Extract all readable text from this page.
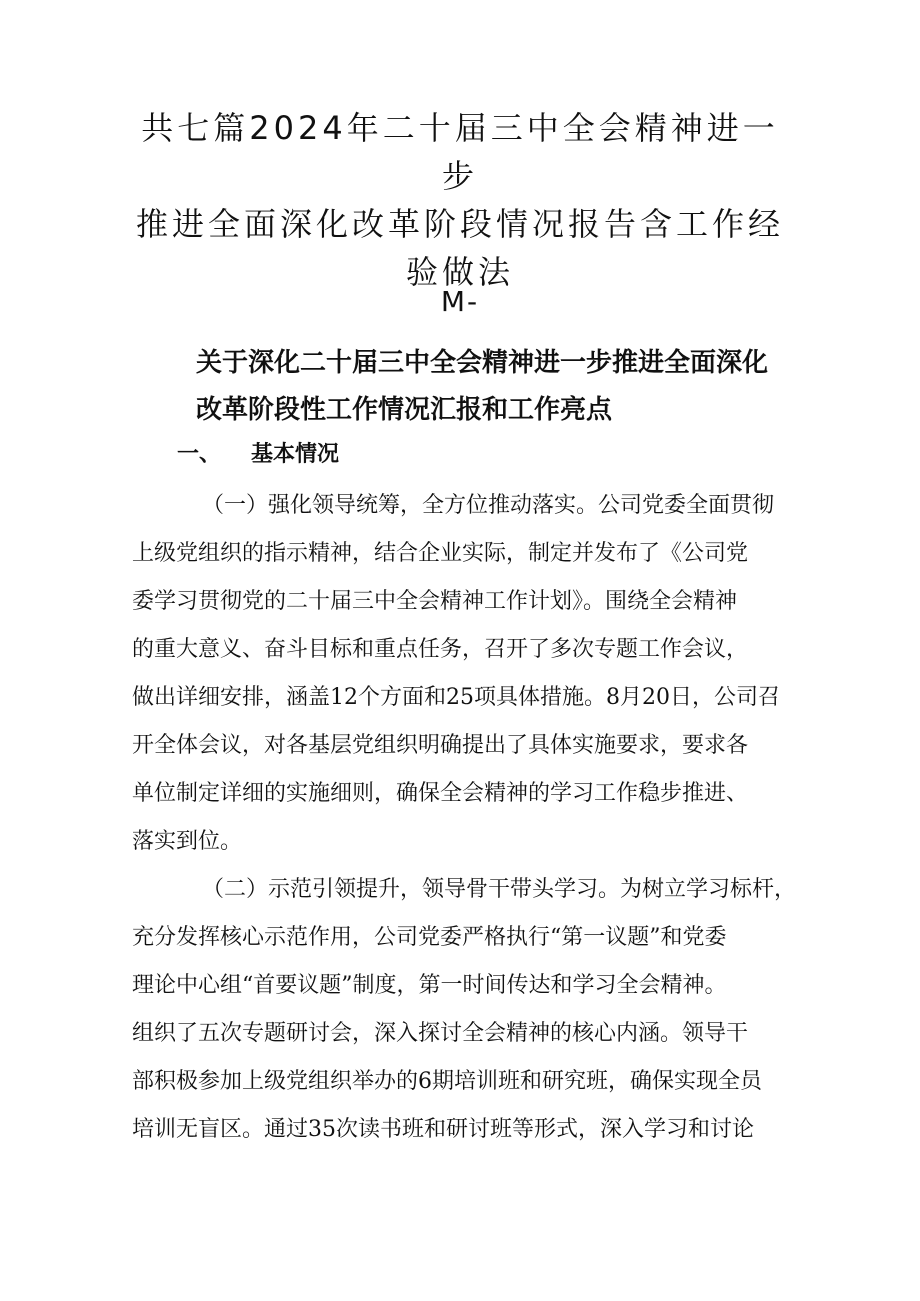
共七篇2024年二十届三中全会精神进一步
推进全面深化改革阶段情况报告含工作经
验做法
M-
关于深化二十届三中全会精神进一步推进全面深化
改革阶段性工作情况汇报和工作亮点
一、 基本情况
（一）强化领导统筹，全方位推动落实。公司党委全面贯彻
上级党组织的指示精神，结合企业实际，制定并发布了《公司党
委学习贯彻党的二十届三中全会精神工作计划》。围绕全会精神
的重大意义、奋斗目标和重点任务，召开了多次专题工作会议，
做出详细安排，涵盖12个方面和25项具体措施。8月20日，公司召
开全体会议，对各基层党组织明确提出了具体实施要求，要求各
单位制定详细的实施细则，确保全会精神的学习工作稳步推进、
落实到位。
（二）示范引领提升，领导骨干带头学习。为树立学习标杆，
充分发挥核心示范作用，公司党委严格执行“第一议题”和党委
理论中心组“首要议题”制度，第一时间传达和学习全会精神。
组织了五次专题研讨会，深入探讨全会精神的核心内涵。领导干
部积极参加上级党组织举办的6期培训班和研究班，确保实现全员
培训无盲区。通过35次读书班和研讨班等形式，深入学习和讨论
